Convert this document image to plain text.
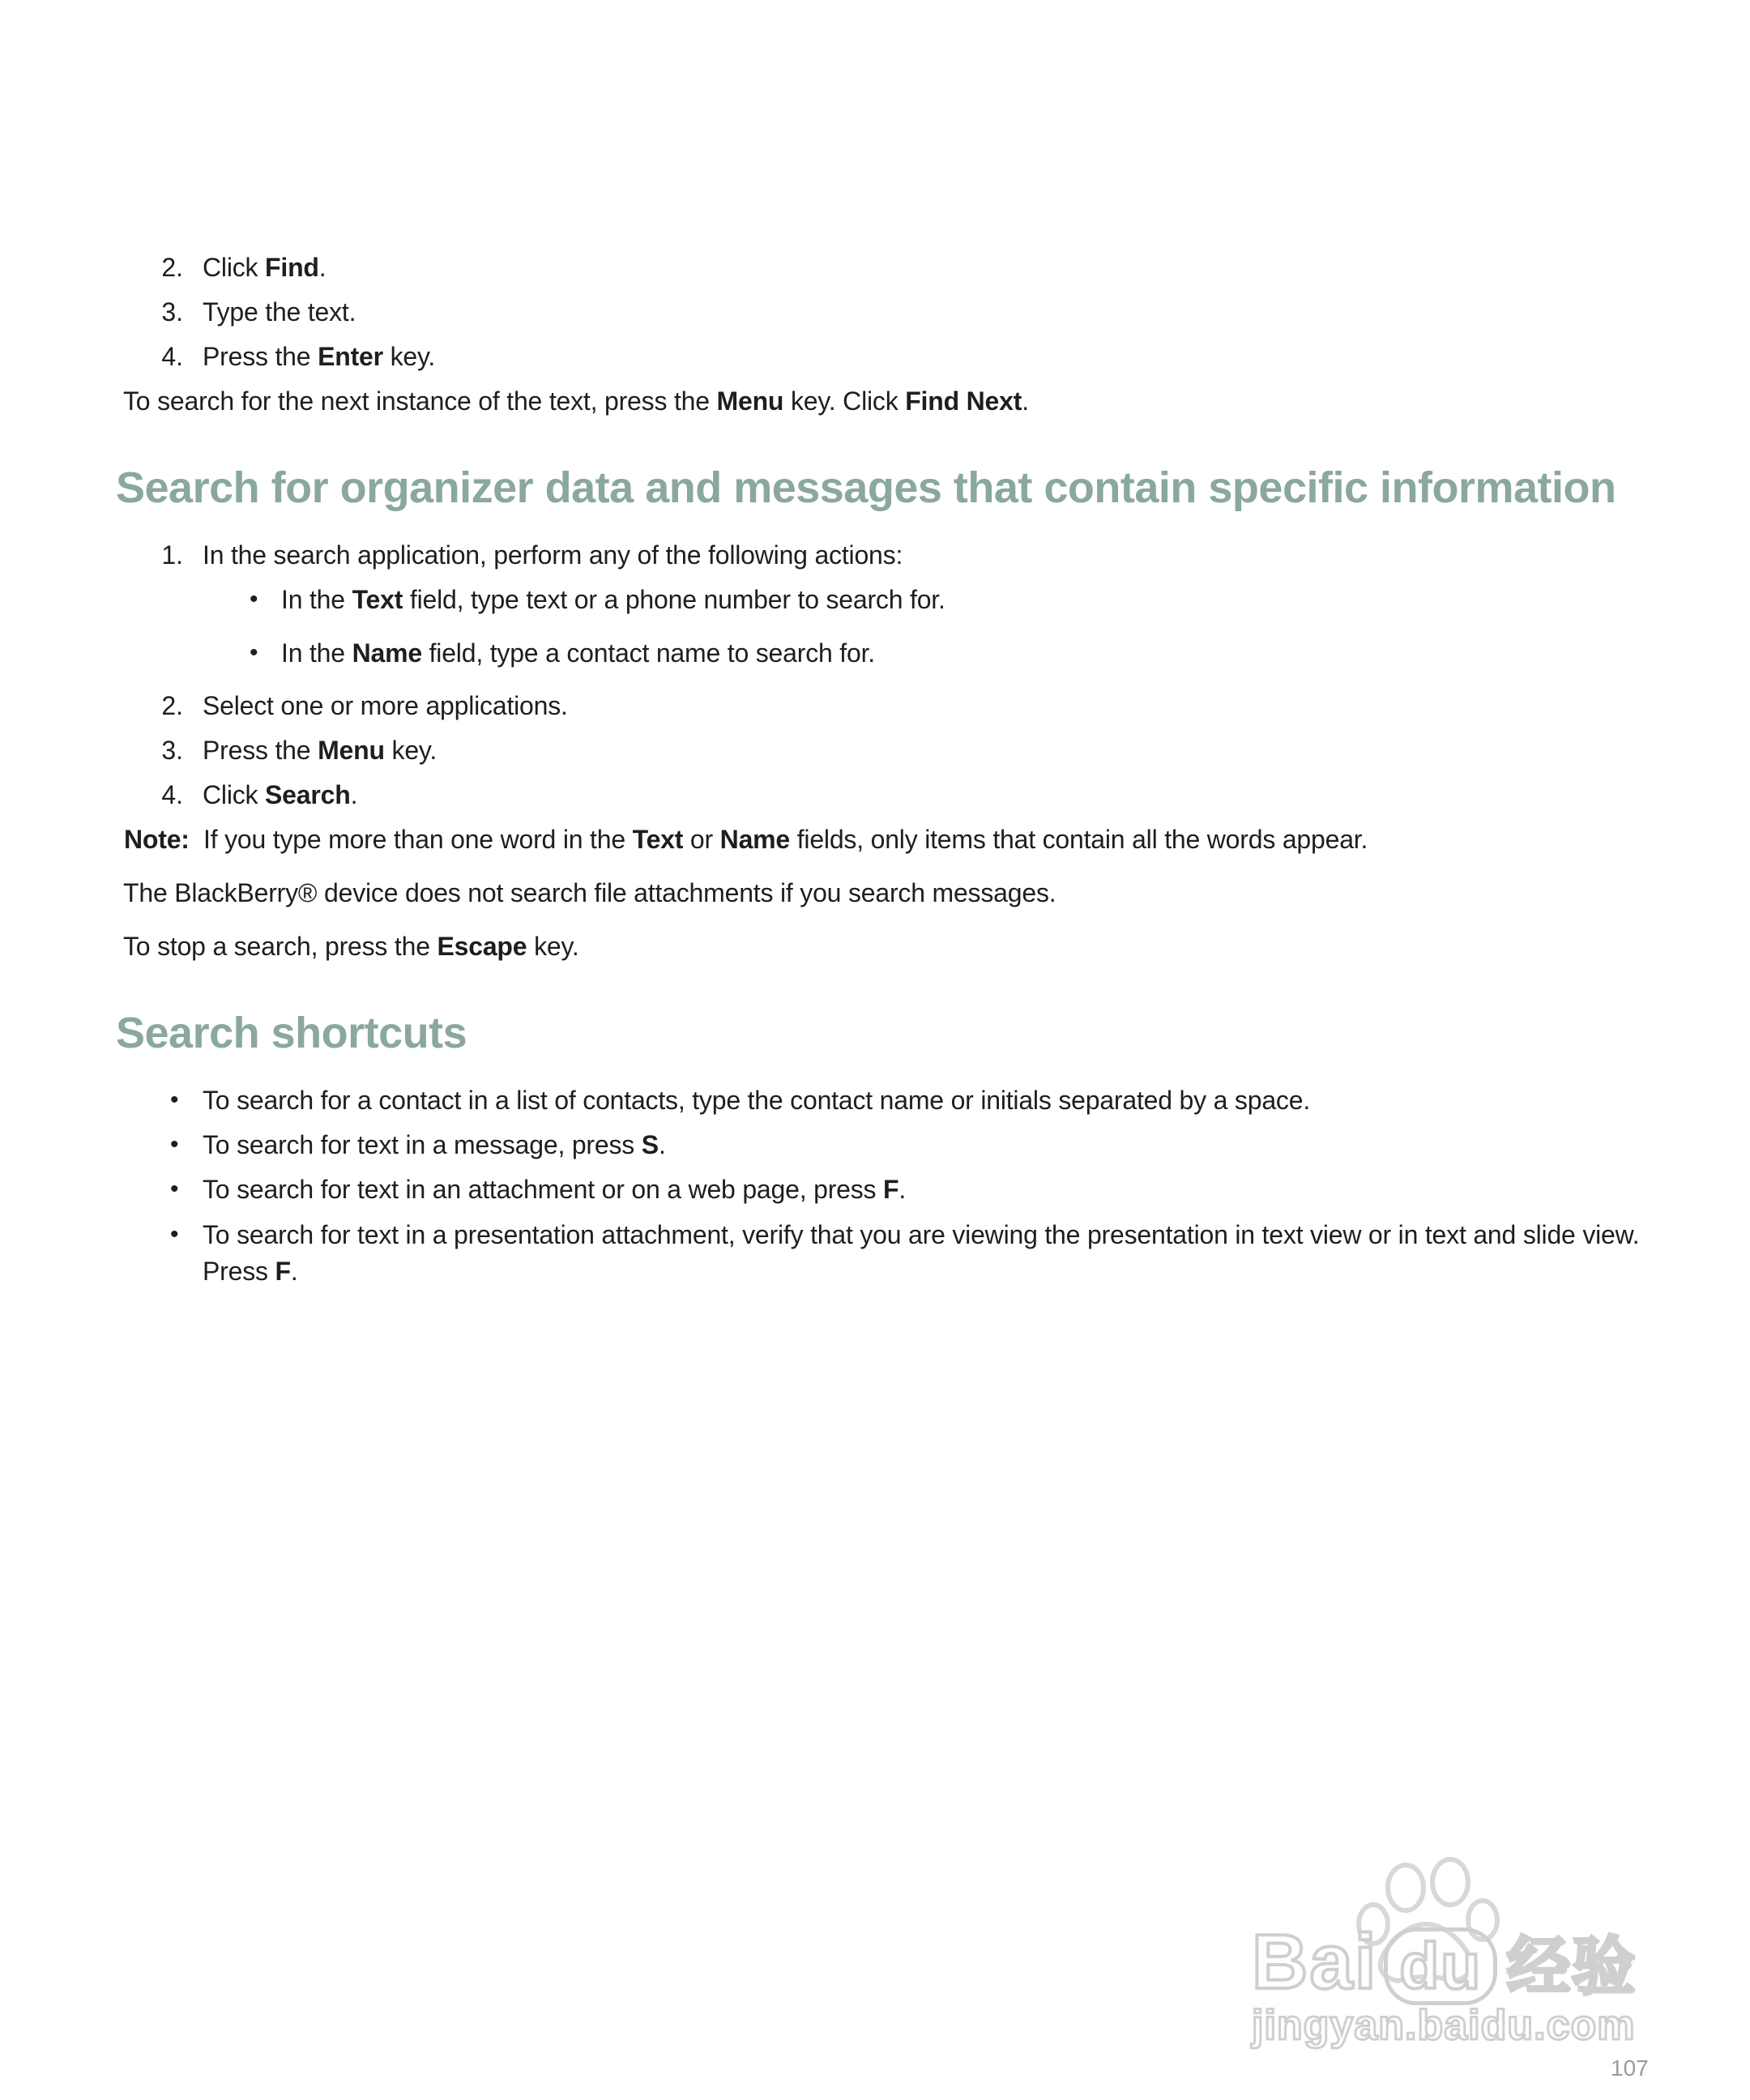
2. Click Find.
3. Type the text.
4. Press the Enter key.
To search for the next instance of the text, press the Menu key. Click Find Next.
Search for organizer data and messages that contain specific information
1. In the search application, perform any of the following actions:
• In the Text field, type text or a phone number to search for.
• In the Name field, type a contact name to search for.
2. Select one or more applications.
3. Press the Menu key.
4. Click Search.
Note: If you type more than one word in the Text or Name fields, only items that contain all the words appear.
The BlackBerry® device does not search file attachments if you search messages.
To stop a search, press the Escape key.
Search shortcuts
• To search for a contact in a list of contacts, type the contact name or initials separated by a space.
• To search for text in a message, press S.
• To search for text in an attachment or on a web page, press F.
• To search for text in a presentation attachment, verify that you are viewing the presentation in text view or in text and slide view.
Press F.
Bai du 经验
jingyan.baidu.com
107
